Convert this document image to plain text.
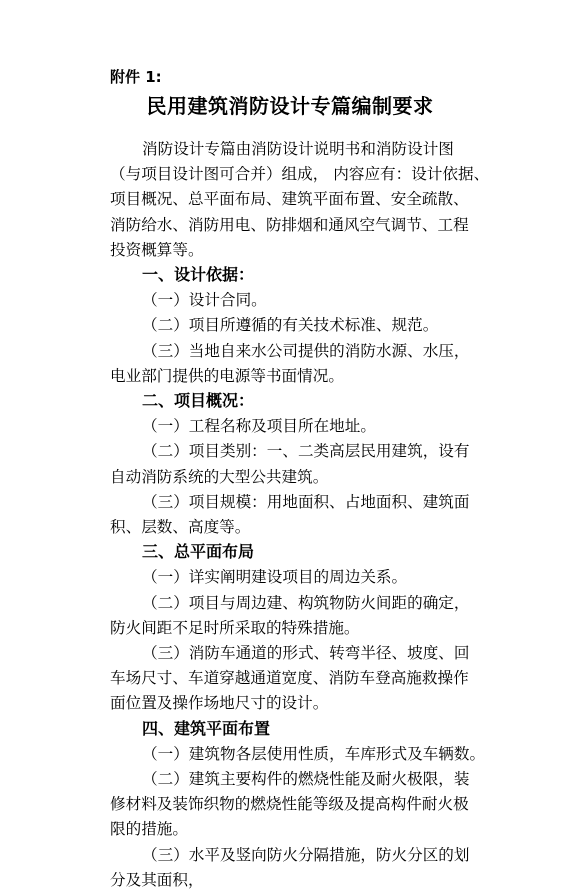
附件 1:
民用建筑消防设计专篇编制要求
消防设计专篇由消防设计说明书和消防设计图
（与项目设计图可合并）组成， 内容应有：设计依据、
项目概况、总平面布局、建筑平面布置、安全疏散、
消防给水、消防用电、防排烟和通风空气调节、工程
投资概算等。
一、设计依据：
（一）设计合同。
（二）项目所遵循的有关技术标准、规范。
（三）当地自来水公司提供的消防水源、水压，
电业部门提供的电源等书面情况。
二、项目概况：
（一）工程名称及项目所在地址。
（二）项目类别：一、二类高层民用建筑，设有
自动消防系统的大型公共建筑。
（三）项目规模：用地面积、占地面积、建筑面
积、层数、高度等。
三、总平面布局
（一）详实阐明建设项目的周边关系。
（二）项目与周边建、构筑物防火间距的确定，
防火间距不足时所采取的特殊措施。
（三）消防车通道的形式、转弯半径、坡度、回
车场尺寸、车道穿越通道宽度、消防车登高施救操作
面位置及操作场地尺寸的设计。
四、建筑平面布置
（一）建筑物各层使用性质，车库形式及车辆数。
（二）建筑主要构件的燃烧性能及耐火极限，装
修材料及装饰织物的燃烧性能等级及提高构件耐火极
限的措施。
（三）水平及竖向防火分隔措施，防火分区的划
分及其面积，
